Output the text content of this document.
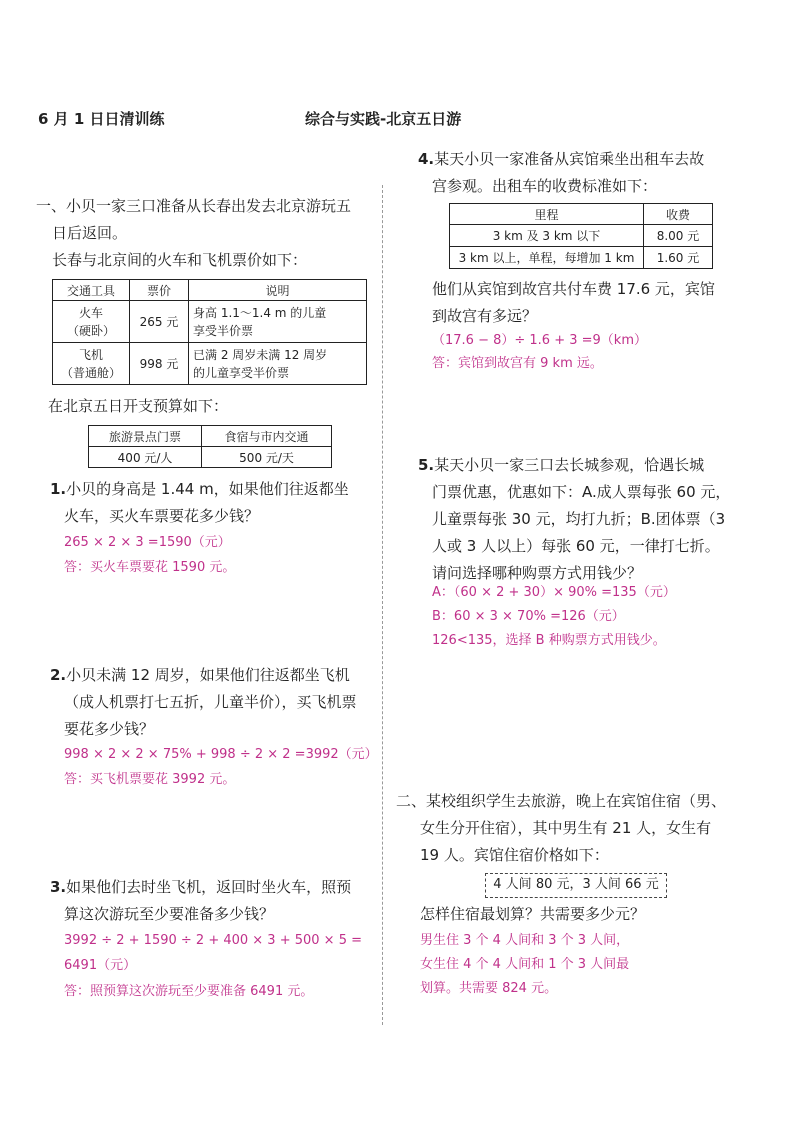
6 月 1 日日清训练	综合与实践-北京五日游
一、小贝一家三口准备从长春出发去北京游玩五
日后返回。
长春与北京间的火车和飞机票价如下：
交通工具	票价	说明
火车
（硬卧）	265 元	身高 1.1～1.4 m 的儿童
享受半价票
飞机
（普通舱）	998 元	已满 2 周岁未满 12 周岁
的儿童享受半价票
在北京五日开支预算如下：
旅游景点门票	食宿与市内交通
400 元/人	500 元/天
1.小贝的身高是 1.44 m，如果他们往返都坐
火车，买火车票要花多少钱？
265 × 2 × 3 =1590（元）
答：买火车票要花 1590 元。
2.小贝未满 12 周岁，如果他们往返都坐飞机
（成人机票打七五折，儿童半价），买飞机票
要花多少钱？
998 × 2 × 2 × 75% + 998 ÷ 2 × 2 =3992（元）
答：买飞机票要花 3992 元。
3.如果他们去时坐飞机，返回时坐火车，照预
算这次游玩至少要准备多少钱？
3992 ÷ 2 + 1590 ÷ 2 + 400 × 3 + 500 × 5 =
6491（元）
答：照预算这次游玩至少要准备 6491 元。
4.某天小贝一家准备从宾馆乘坐出租车去故
宫参观。出租车的收费标准如下：
里程	收费
3 km 及 3 km 以下	8.00 元
3 km 以上，单程，每增加 1 km	1.60 元
他们从宾馆到故宫共付车费 17.6 元，宾馆
到故宫有多远？
（17.6 − 8）÷ 1.6 + 3 =9（km）
答：宾馆到故宫有 9 km 远。
5.某天小贝一家三口去长城参观，恰遇长城
门票优惠，优惠如下：A.成人票每张 60 元，
儿童票每张 30 元，均打九折；B.团体票（3
人或 3 人以上）每张 60 元，一律打七折。
请问选择哪种购票方式用钱少？
A：（60 × 2 + 30）× 90% =135（元）
B：60 × 3 × 70% =126（元）
126<135，选择 B 种购票方式用钱少。
二、某校组织学生去旅游，晚上在宾馆住宿（男、
女生分开住宿），其中男生有 21 人，女生有
19 人。宾馆住宿价格如下：
4 人间 80 元，3 人间 66 元
怎样住宿最划算？共需要多少元？
男生住 3 个 4 人间和 3 个 3 人间，
女生住 4 个 4 人间和 1 个 3 人间最
划算。共需要 824 元。
